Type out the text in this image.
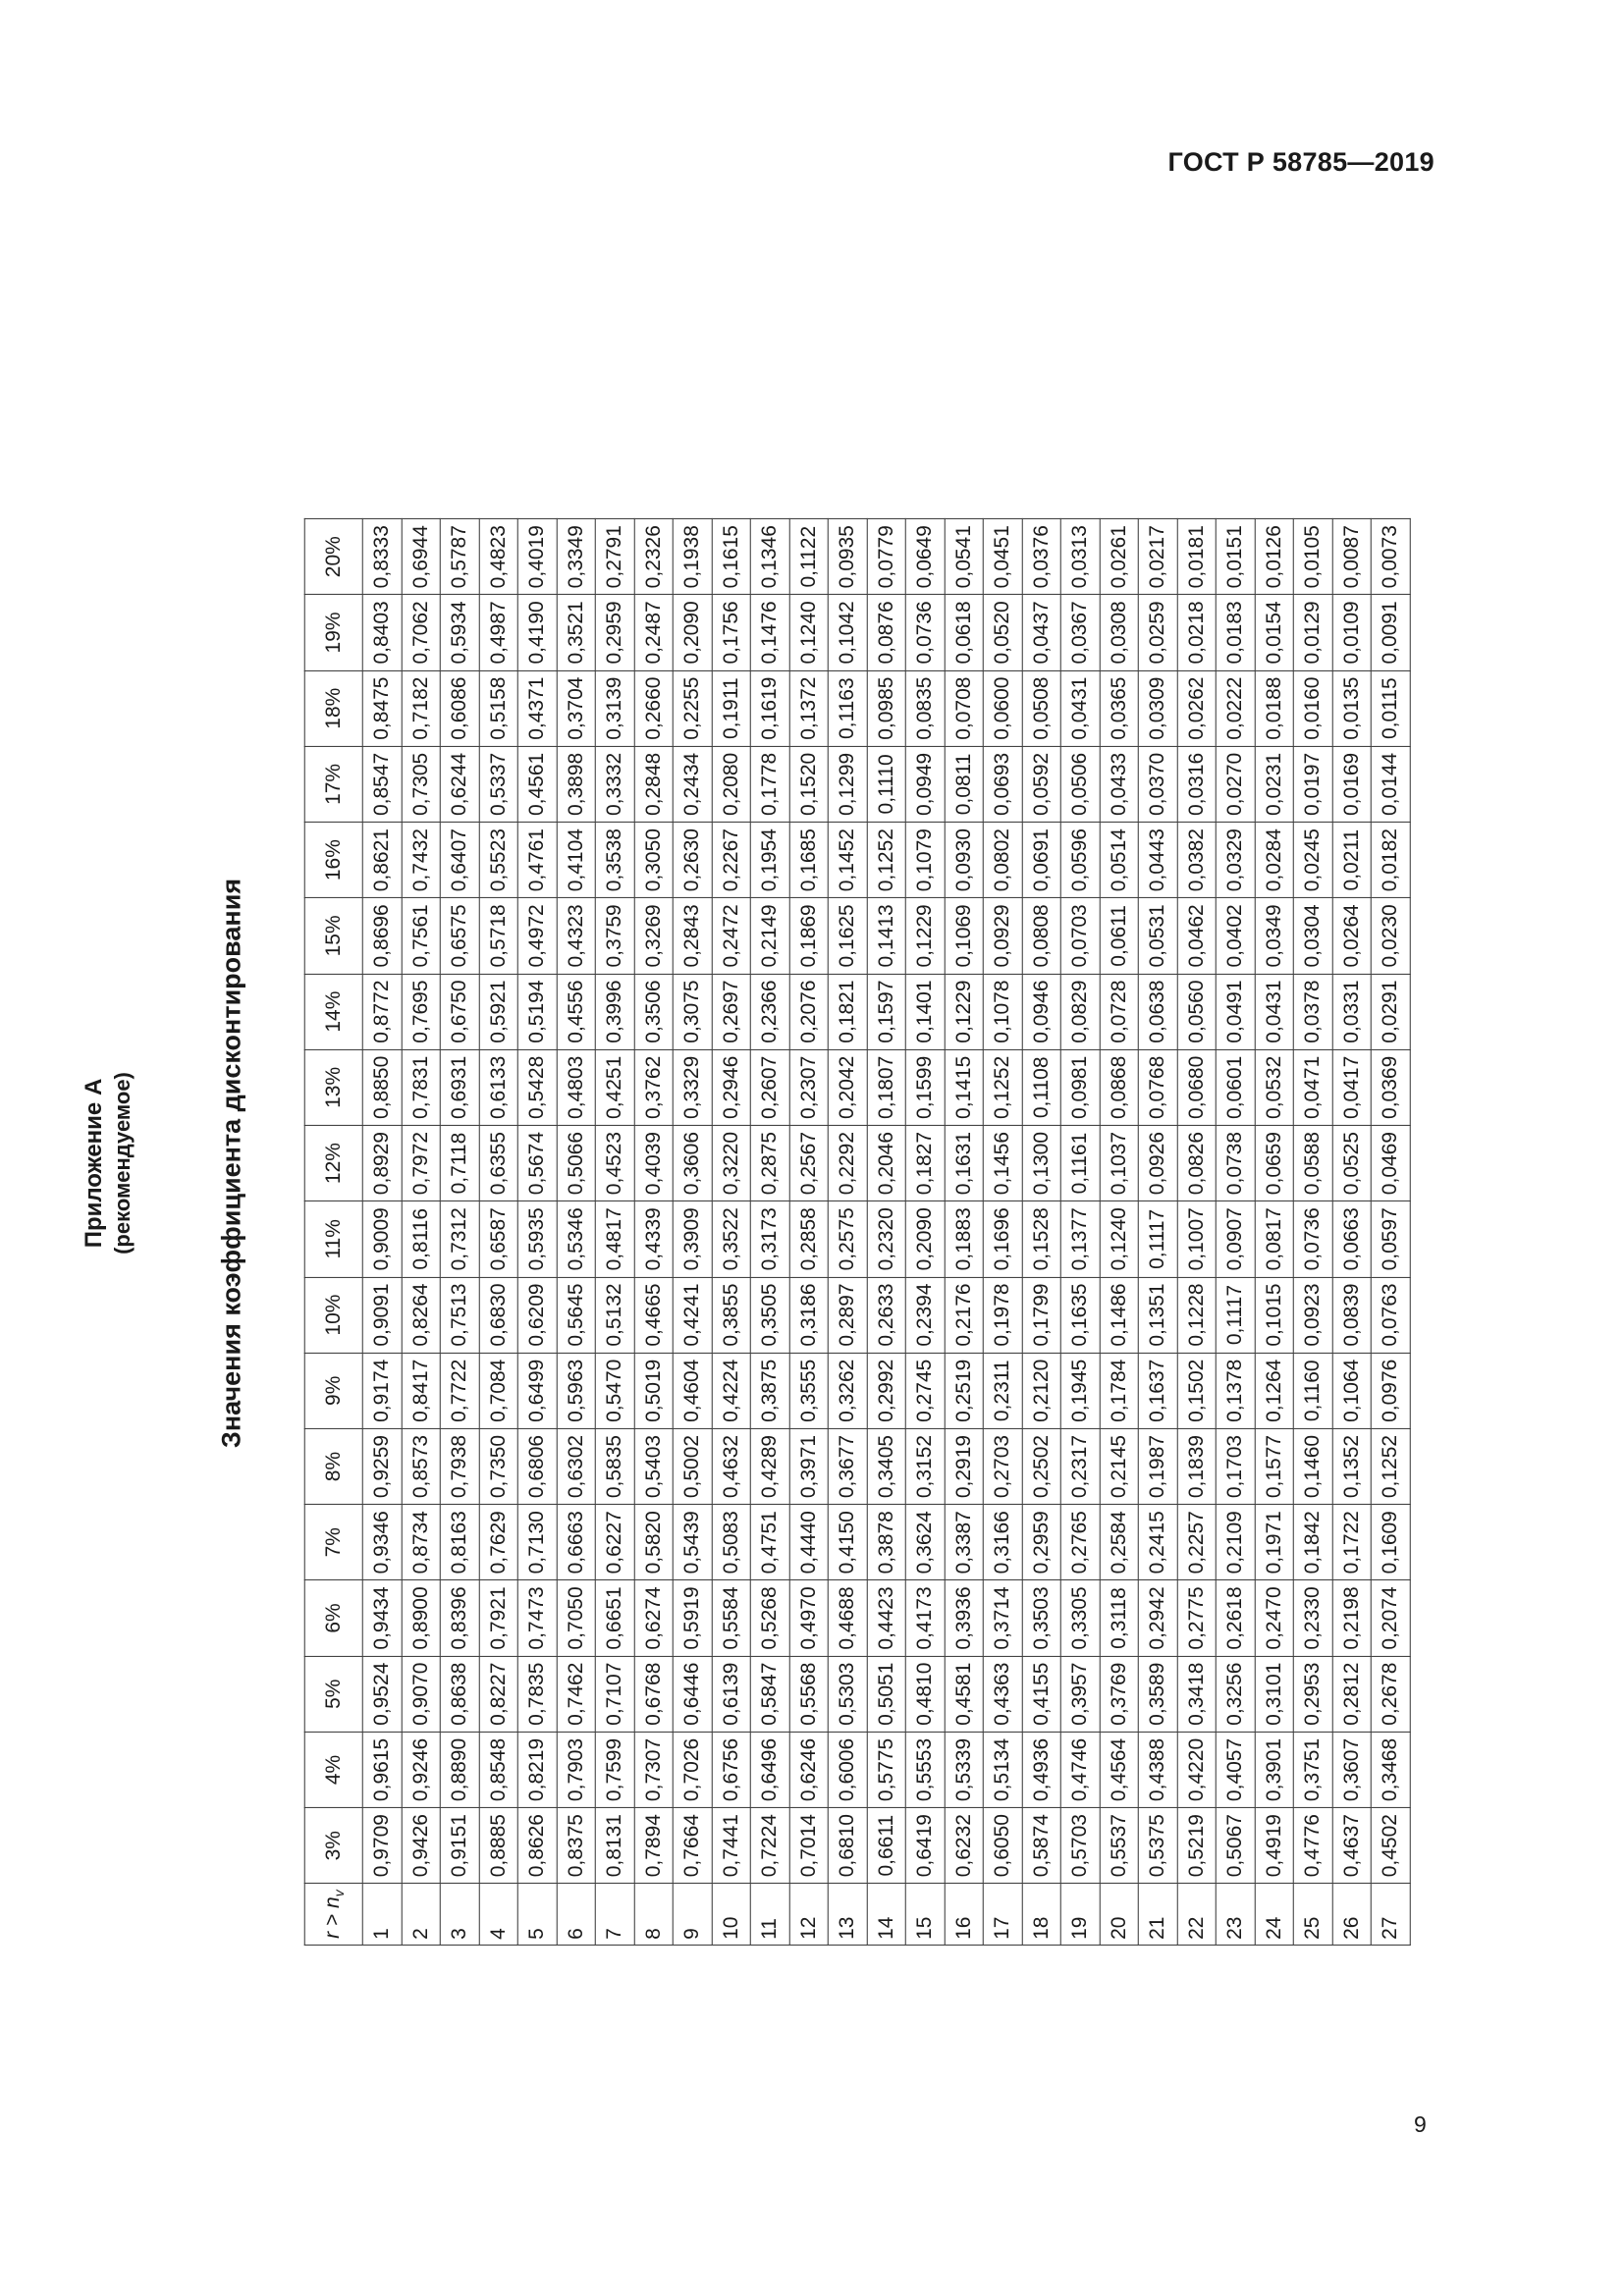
ГОСТ Р 58785—2019
Приложение А (рекомендуемое)	Значения коэффициента дисконтирования
$r > n_v$	3%	4%	5%	6%	7%	8%	9%	10%	11%	12%	13%	14%	15%	16%	17%	18%	19%	20%
1	0,9709	0,9615	0,9524	0,9434	0,9346	0,9259	0,9174	0,9091	0,9009	0,8929	0,8850	0,8772	0,8696	0,8621	0,8547	0,8475	0,8403	0,8333
2	0,9426	0,9246	0,9070	0,8900	0,8734	0,8573	0,8417	0,8264	0,8116	0,7972	0,7831	0,7695	0,7561	0,7432	0,7305	0,7182	0,7062	0,6944
3	0,9151	0,8890	0,8638	0,8396	0,8163	0,7938	0,7722	0,7513	0,7312	0,7118	0,6931	0,6750	0,6575	0,6407	0,6244	0,6086	0,5934	0,5787
4	0,8885	0,8548	0,8227	0,7921	0,7629	0,7350	0,7084	0,6830	0,6587	0,6355	0,6133	0,5921	0,5718	0,5523	0,5337	0,5158	0,4987	0,4823
5	0,8626	0,8219	0,7835	0,7473	0,7130	0,6806	0,6499	0,6209	0,5935	0,5674	0,5428	0,5194	0,4972	0,4761	0,4561	0,4371	0,4190	0,4019
6	0,8375	0,7903	0,7462	0,7050	0,6663	0,6302	0,5963	0,5645	0,5346	0,5066	0,4803	0,4556	0,4323	0,4104	0,3898	0,3704	0,3521	0,3349
7	0,8131	0,7599	0,7107	0,6651	0,6227	0,5835	0,5470	0,5132	0,4817	0,4523	0,4251	0,3996	0,3759	0,3538	0,3332	0,3139	0,2959	0,2791
8	0,7894	0,7307	0,6768	0,6274	0,5820	0,5403	0,5019	0,4665	0,4339	0,4039	0,3762	0,3506	0,3269	0,3050	0,2848	0,2660	0,2487	0,2326
9	0,7664	0,7026	0,6446	0,5919	0,5439	0,5002	0,4604	0,4241	0,3909	0,3606	0,3329	0,3075	0,2843	0,2630	0,2434	0,2255	0,2090	0,1938
10	0,7441	0,6756	0,6139	0,5584	0,5083	0,4632	0,4224	0,3855	0,3522	0,3220	0,2946	0,2697	0,2472	0,2267	0,2080	0,1911	0,1756	0,1615
11	0,7224	0,6496	0,5847	0,5268	0,4751	0,4289	0,3875	0,3505	0,3173	0,2875	0,2607	0,2366	0,2149	0,1954	0,1778	0,1619	0,1476	0,1346
12	0,7014	0,6246	0,5568	0,4970	0,4440	0,3971	0,3555	0,3186	0,2858	0,2567	0,2307	0,2076	0,1869	0,1685	0,1520	0,1372	0,1240	0,1122
13	0,6810	0,6006	0,5303	0,4688	0,4150	0,3677	0,3262	0,2897	0,2575	0,2292	0,2042	0,1821	0,1625	0,1452	0,1299	0,1163	0,1042	0,0935
14	0,6611	0,5775	0,5051	0,4423	0,3878	0,3405	0,2992	0,2633	0,2320	0,2046	0,1807	0,1597	0,1413	0,1252	0,1110	0,0985	0,0876	0,0779
15	0,6419	0,5553	0,4810	0,4173	0,3624	0,3152	0,2745	0,2394	0,2090	0,1827	0,1599	0,1401	0,1229	0,1079	0,0949	0,0835	0,0736	0,0649
16	0,6232	0,5339	0,4581	0,3936	0,3387	0,2919	0,2519	0,2176	0,1883	0,1631	0,1415	0,1229	0,1069	0,0930	0,0811	0,0708	0,0618	0,0541
17	0,6050	0,5134	0,4363	0,3714	0,3166	0,2703	0,2311	0,1978	0,1696	0,1456	0,1252	0,1078	0,0929	0,0802	0,0693	0,0600	0,0520	0,0451
18	0,5874	0,4936	0,4155	0,3503	0,2959	0,2502	0,2120	0,1799	0,1528	0,1300	0,1108	0,0946	0,0808	0,0691	0,0592	0,0508	0,0437	0,0376
19	0,5703	0,4746	0,3957	0,3305	0,2765	0,2317	0,1945	0,1635	0,1377	0,1161	0,0981	0,0829	0,0703	0,0596	0,0506	0,0431	0,0367	0,0313
20	0,5537	0,4564	0,3769	0,3118	0,2584	0,2145	0,1784	0,1486	0,1240	0,1037	0,0868	0,0728	0,0611	0,0514	0,0433	0,0365	0,0308	0,0261
21	0,5375	0,4388	0,3589	0,2942	0,2415	0,1987	0,1637	0,1351	0,1117	0,0926	0,0768	0,0638	0,0531	0,0443	0,0370	0,0309	0,0259	0,0217
22	0,5219	0,4220	0,3418	0,2775	0,2257	0,1839	0,1502	0,1228	0,1007	0,0826	0,0680	0,0560	0,0462	0,0382	0,0316	0,0262	0,0218	0,0181
23	0,5067	0,4057	0,3256	0,2618	0,2109	0,1703	0,1378	0,1117	0,0907	0,0738	0,0601	0,0491	0,0402	0,0329	0,0270	0,0222	0,0183	0,0151
24	0,4919	0,3901	0,3101	0,2470	0,1971	0,1577	0,1264	0,1015	0,0817	0,0659	0,0532	0,0431	0,0349	0,0284	0,0231	0,0188	0,0154	0,0126
25	0,4776	0,3751	0,2953	0,2330	0,1842	0,1460	0,1160	0,0923	0,0736	0,0588	0,0471	0,0378	0,0304	0,0245	0,0197	0,0160	0,0129	0,0105
26	0,4637	0,3607	0,2812	0,2198	0,1722	0,1352	0,1064	0,0839	0,0663	0,0525	0,0417	0,0331	0,0264	0,0211	0,0169	0,0135	0,0109	0,0087
27	0,4502	0,3468	0,2678	0,2074	0,1609	0,1252	0,0976	0,0763	0,0597	0,0469	0,0369	0,0291	0,0230	0,0182	0,0144	0,0115	0,0091	0,0073
9
